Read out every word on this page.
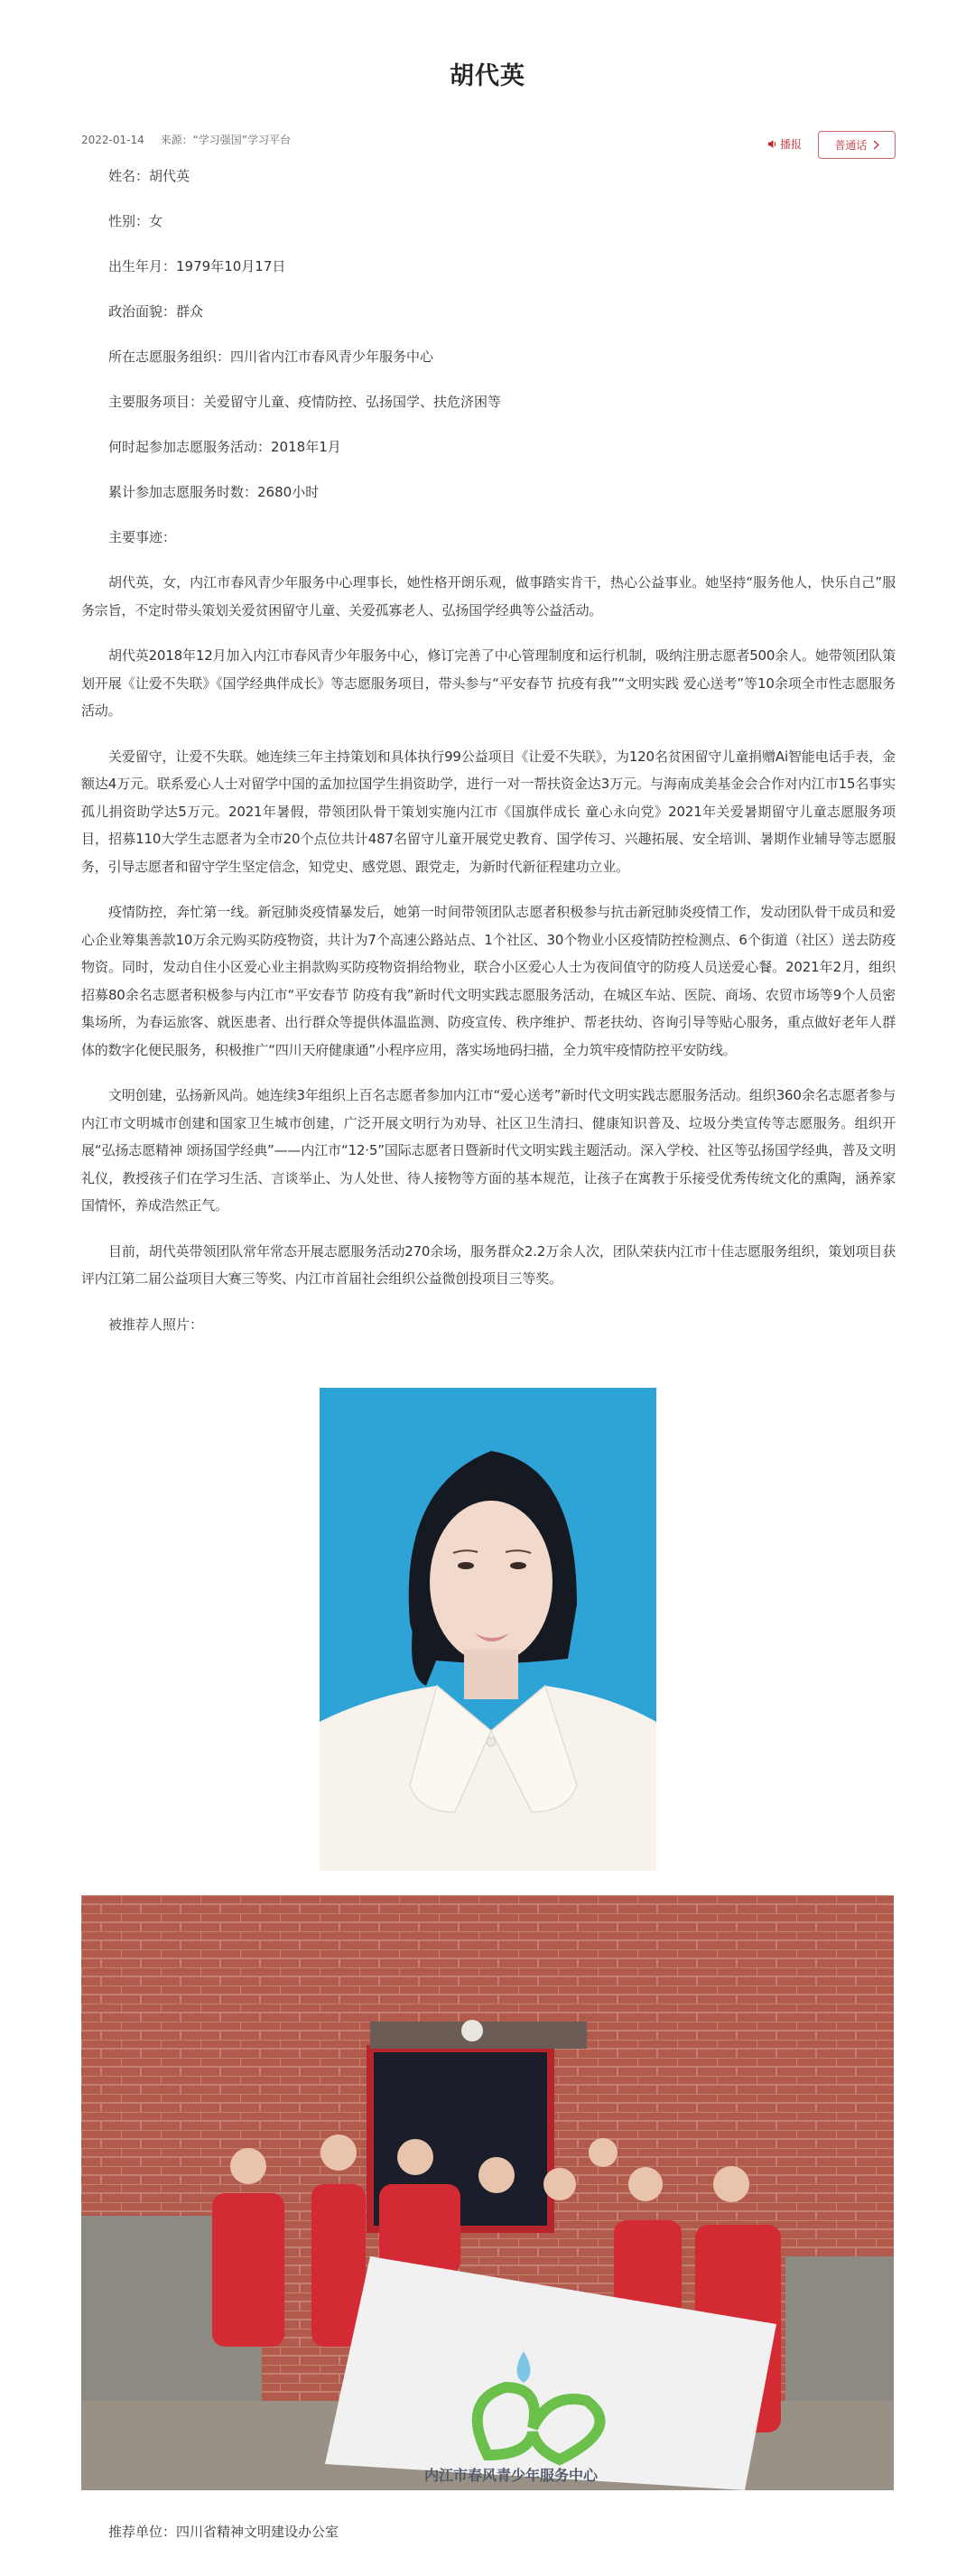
胡代英
2022-01-14 来源：“学习强国”学习平台	播报	普通话
姓名：胡代英
性别：女
出生年月：1979年10月17日
政治面貌：群众
所在志愿服务组织：四川省内江市春风青少年服务中心
主要服务项目：关爱留守儿童、疫情防控、弘扬国学、扶危济困等
何时起参加志愿服务活动：2018年1月
累计参加志愿服务时数：2680小时
主要事迹：

胡代英，女，内江市春风青少年服务中心理事长，她性格开朗乐观，做事踏实肯干，热心公益事业。她坚持“服务他人，快乐自己”服务宗旨，不定时带头策划关爱贫困留守儿童、关爱孤寡老人、弘扬国学经典等公益活动。

胡代英2018年12月加入内江市春风青少年服务中心，修订完善了中心管理制度和运行机制，吸纳注册志愿者500余人。她带领团队策划开展《让爱不失联》《国学经典伴成长》等志愿服务项目，带头参与“平安春节 抗疫有我”“文明实践 爱心送考”等10余项全市性志愿服务活动。

关爱留守，让爱不失联。她连续三年主持策划和具体执行99公益项目《让爱不失联》，为120名贫困留守儿童捐赠Ai智能电话手表，金额达4万元。联系爱心人士对留学中国的孟加拉国学生捐资助学，进行一对一帮扶资金达3万元。与海南成美基金会合作对内江市15名事实孤儿捐资助学达5万元。2021年暑假，带领团队骨干策划实施内江市《国旗伴成长 童心永向党》2021年关爱暑期留守儿童志愿服务项目，招募110大学生志愿者为全市20个点位共计487名留守儿童开展党史教育、国学传习、兴趣拓展、安全培训、暑期作业辅导等志愿服务，引导志愿者和留守学生坚定信念，知党史、感党恩、跟党走，为新时代新征程建功立业。

疫情防控，奔忙第一线。新冠肺炎疫情暴发后，她第一时间带领团队志愿者积极参与抗击新冠肺炎疫情工作，发动团队骨干成员和爱心企业筹集善款10万余元购买防疫物资，共计为7个高速公路站点、1个社区、30个物业小区疫情防控检测点、6个街道（社区）送去防疫物资。同时，发动自住小区爱心业主捐款购买防疫物资捐给物业，联合小区爱心人士为夜间值守的防疫人员送爱心餐。2021年2月，组织招募80余名志愿者积极参与内江市“平安春节 防疫有我”新时代文明实践志愿服务活动，在城区车站、医院、商场、农贸市场等9个人员密集场所，为春运旅客、就医患者、出行群众等提供体温监测、防疫宣传、秩序维护、帮老扶幼、咨询引导等贴心服务，重点做好老年人群体的数字化便民服务，积极推广“四川天府健康通”小程序应用，落实场地码扫描，全力筑牢疫情防控平安防线。

文明创建，弘扬新风尚。她连续3年组织上百名志愿者参加内江市“爱心送考”新时代文明实践志愿服务活动。组织360余名志愿者参与内江市文明城市创建和国家卫生城市创建，广泛开展文明行为劝导、社区卫生清扫、健康知识普及、垃圾分类宣传等志愿服务。组织开展“弘扬志愿精神 颂扬国学经典”——内江市“12·5”国际志愿者日暨新时代文明实践主题活动。深入学校、社区等弘扬国学经典，普及文明礼仪，教授孩子们在学习生活、言谈举止、为人处世、待人接物等方面的基本规范，让孩子在寓教于乐接受优秀传统文化的熏陶，涵养家国情怀，养成浩然正气。

目前，胡代英带领团队常年常态开展志愿服务活动270余场，服务群众2.2万余人次，团队荣获内江市十佳志愿服务组织，策划项目获评内江第二届公益项目大赛三等奖、内江市首届社会组织公益微创投项目三等奖。

被推荐人照片：
内江市春风青少年服务中心
推荐单位：四川省精神文明建设办公室
